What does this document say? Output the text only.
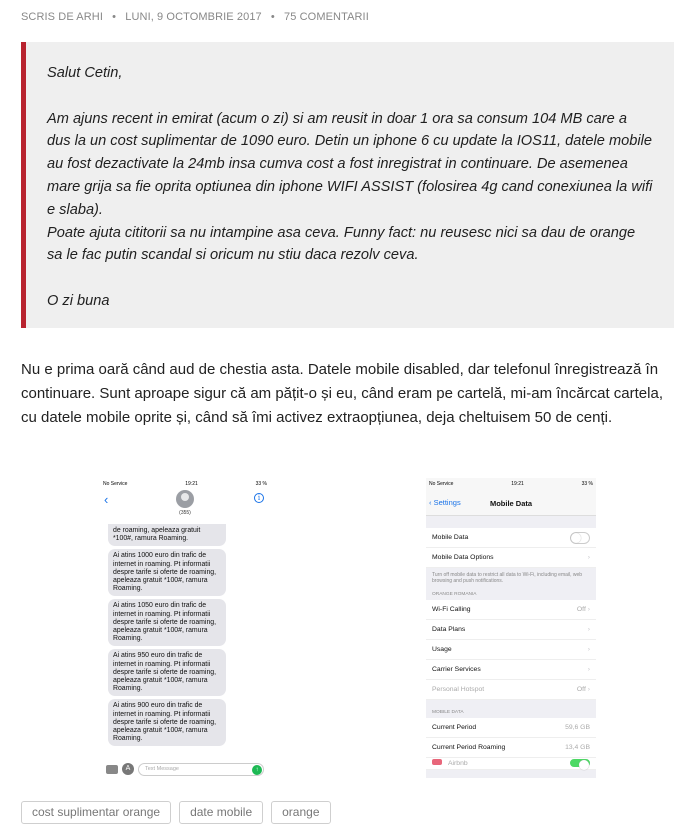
SCRIS DE ARHI • LUNI, 9 OCTOMBRIE 2017 • 75 COMENTARII

Salut Cetin,

Am ajuns recent in emirat (acum o zi) si am reusit in doar 1 ora sa consum 104 MB care a dus la un cost suplimentar de 1090 euro. Detin un iphone 6 cu update la IOS11, datele mobile au fost dezactivate la 24mb insa cumva cost a fost inregistrat in continuare. De asemenea mare grija sa fie oprita optiunea din iphone WIFI ASSIST (folosirea 4g cand conexiunea la wifi e slaba).

Poate ajuta cititorii sa nu intampine asa ceva. Funny fact: nu reusesc nici sa dau de orange sa le fac putin scandal si oricum nu stiu daca rezolv ceva.

O zi buna

Nu e prima oară când aud de chestia asta. Datele mobile disabled, dar telefonul înregistrează în continuare. Sunt aproape sigur că am pățit-o și eu, când eram pe cartelă, mi-am încărcat cartela, cu datele mobile oprite și, când să îmi activez extraopțiunea, deja cheltuisem 50 de cenți.
No Service	19:21	33 %
‹
(355)
i
de roaming, apeleaza gratuit *100#, ramura Roaming.
Ai atins 1000 euro din trafic de internet in roaming. Pt informatii despre tarife si oferte de roaming, apeleaza gratuit *100#, ramura Roaming.
Ai atins 1050 euro din trafic de internet in roaming. Pt informatii despre tarife si oferte de roaming, apeleaza gratuit *100#, ramura Roaming.
Ai atins 950 euro din trafic de internet in roaming. Pt informatii despre tarife si oferte de roaming, apeleaza gratuit *100#, ramura Roaming.
Ai atins 900 euro din trafic de internet in roaming. Pt informatii despre tarife si oferte de roaming, apeleaza gratuit *100#, ramura Roaming.
A	Text Message	↑
No Service	19:21	33 %
‹ Settings	Mobile Data
Mobile Data
Mobile Data Options	›
Turn off mobile data to restrict all data to Wi-Fi, including email, web browsing and push notifications.
ORANGE ROMANIA
Wi-Fi Calling	Off ›
Data Plans	›
Usage	›
Carrier Services	›
Personal Hotspot	Off ›
MOBILE DATA
Current Period	59,6 GB
Current Period Roaming	13,4 GB
Airbnb
cost suplimentar orange	date mobile	orange
